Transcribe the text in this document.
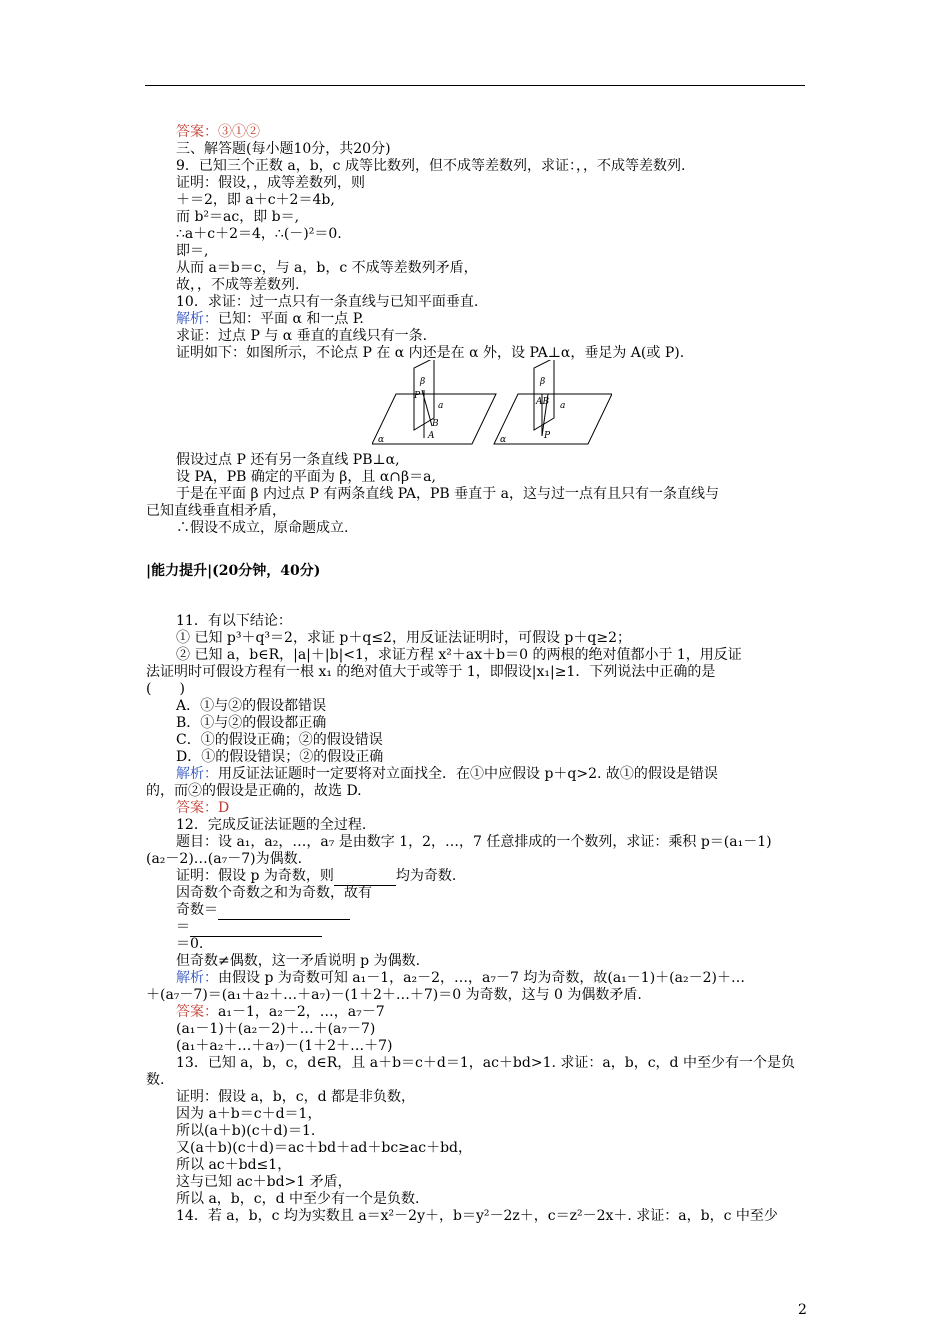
答案：③①②
三、解答题(每小题10分，共20分)
9．已知三个正数 a，b，c 成等比数列，但不成等差数列，求证：，，不成等差数列.
证明：假设，，成等差数列，则
＋＝2，即 a＋c＋2＝4b,
而 b²＝ac，即 b＝,
∴a＋c＋2＝4，∴(－)²＝0.
即＝,
从而 a＝b＝c，与 a，b，c 不成等差数列矛盾，
故，，不成等差数列.
10．求证：过一点只有一条直线与已知平面垂直.
解析：已知：平面 α 和一点 P.
求证：过点 P 与 α 垂直的直线只有一条.
证明如下：如图所示，不论点 P 在 α 内还是在 α 外，设 PA⊥α，垂足为 A(或 P).
假设过点 P 还有另一条直线 PB⊥α,
设 PA，PB 确定的平面为 β，且 α∩β＝a,
于是在平面 β 内过点 P 有两条直线 PA，PB 垂直于 a，这与过一点有且只有一条直线与
已知直线垂直相矛盾，
∴假设不成立，原命题成立.
|能力提升|(20分钟，40分)
11．有以下结论：
① 已知 p³＋q³＝2，求证 p＋q≤2，用反证法证明时，可假设 p＋q≥2；
② 已知 a，b∈R，|a|＋|b|<1，求证方程 x²＋ax＋b＝0 的两根的绝对值都小于 1，用反证
法证明时可假设方程有一根 x₁ 的绝对值大于或等于 1，即假设|x₁|≥1．下列说法中正确的是
(　　)
A．①与②的假设都错误
B．①与②的假设都正确
C．①的假设正确；②的假设错误
D．①的假设错误；②的假设正确
解析：用反证法证题时一定要将对立面找全．在①中应假设 p＋q>2. 故①的假设是错误
的，而②的假设是正确的，故选 D.
答案：D
12．完成反证法证题的全过程.
题目：设 a₁，a₂，…，a₇ 是由数字 1，2，…，7 任意排成的一个数列，求证：乘积 p＝(a₁－1)
(a₂－2)…(a₇－7)为偶数.
证明：假设 p 为奇数，则	均为奇数.
因奇数个奇数之和为奇数，故有
奇数＝
＝
＝0.
但奇数≠偶数，这一矛盾说明 p 为偶数.
解析：由假设 p 为奇数可知 a₁－1，a₂－2，…，a₇－7 均为奇数，故(a₁－1)＋(a₂－2)＋…
＋(a₇－7)＝(a₁＋a₂＋…＋a₇)－(1＋2＋…＋7)＝0 为奇数，这与 0 为偶数矛盾.
答案：a₁－1，a₂－2，…，a₇－7
(a₁－1)＋(a₂－2)＋…＋(a₇－7)
(a₁＋a₂＋…＋a₇)－(1＋2＋…＋7)
13．已知 a，b，c，d∈R，且 a＋b＝c＋d＝1，ac＋bd>1. 求证：a，b，c，d 中至少有一个是负
数.
证明：假设 a，b，c，d 都是非负数，
因为 a＋b＝c＋d＝1，
所以(a＋b)(c＋d)＝1.
又(a＋b)(c＋d)＝ac＋bd＋ad＋bc≥ac＋bd，
所以 ac＋bd≤1，
这与已知 ac＋bd>1 矛盾，
所以 a，b，c，d 中至少有一个是负数.
14．若 a，b，c 均为实数且 a＝x²－2y＋，b＝y²－2z＋，c＝z²－2x＋. 求证：a，b，c 中至少
β
P
a
B
A
α
β
AB a
P
α
2
